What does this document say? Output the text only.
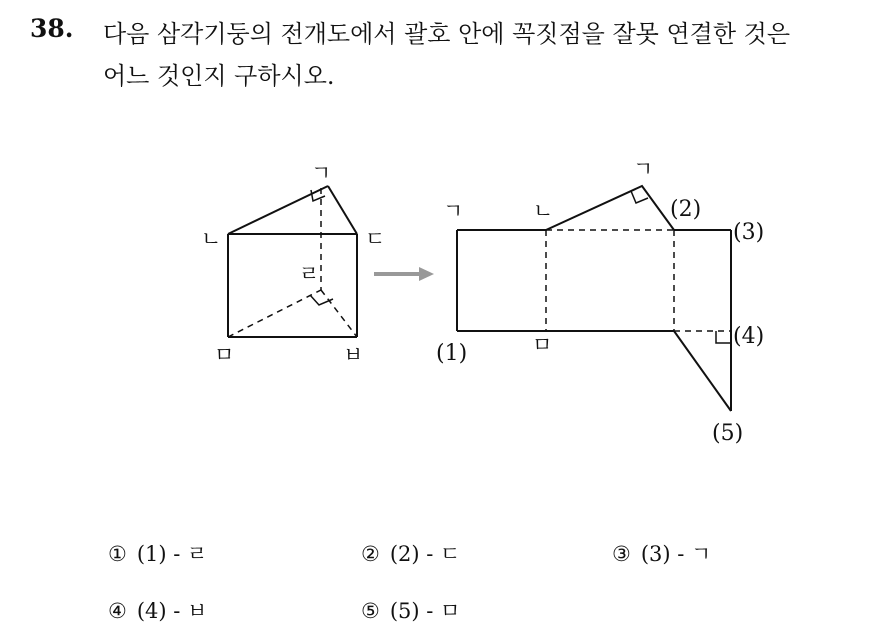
38. 다음 삼각기둥의 전개도에서 괄호 안에 꼭짓점을 잘못 연결한 것은
어느 것인지 구하시오.
ㄱ
ㄴ	ㄷ
ㄹ
ㅁ	ㅂ
ㄱ	ㄴ
ㄱ
ㅁ
(1)
(2)
(3)
(4)
(5)
① (1) - ㄹ	② (2) - ㄷ	③ (3) - ㄱ
④ (4) - ㅂ	⑤ (5) - ㅁ
